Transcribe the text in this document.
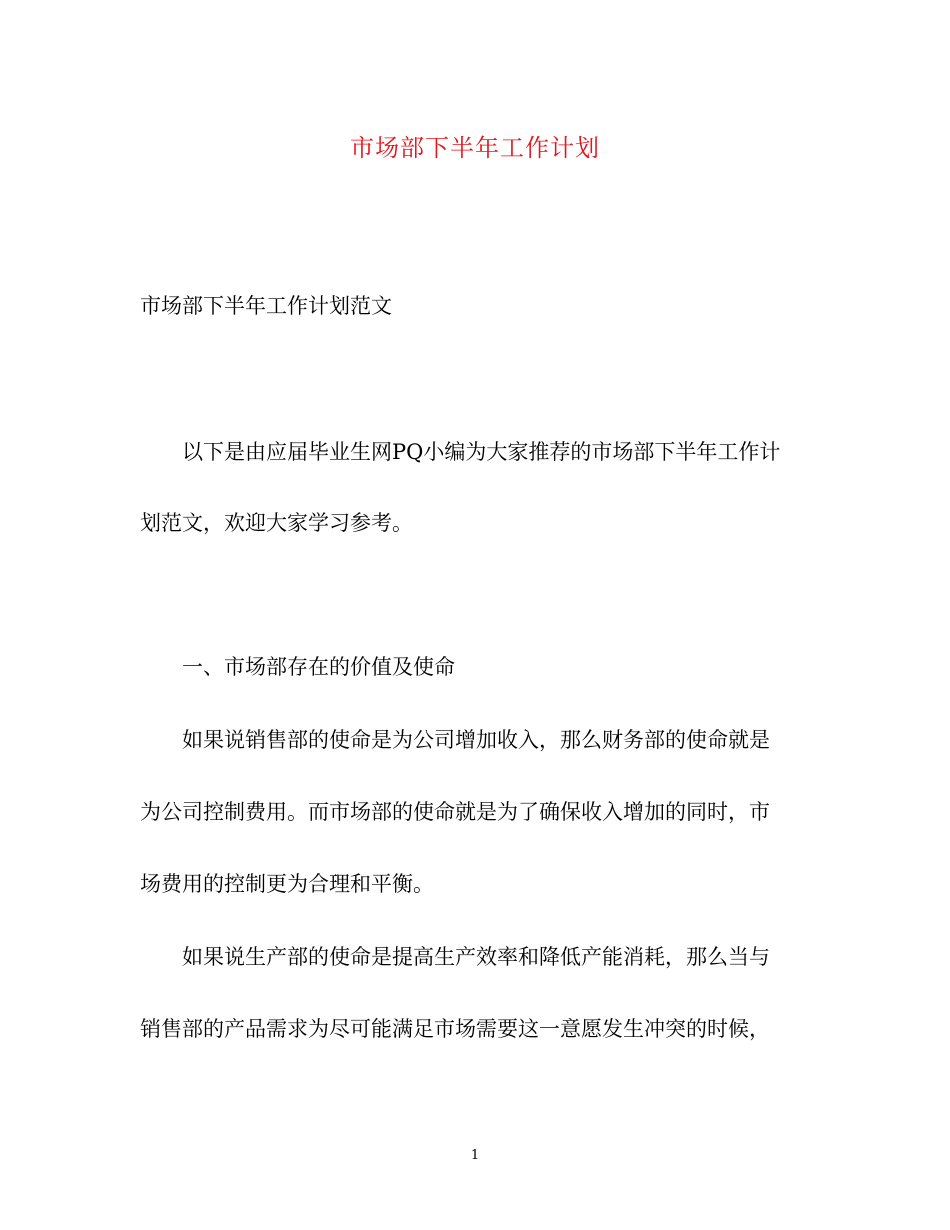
市场部下半年工作计划

市场部下半年工作计划范文

以下是由应届毕业生网PQ小编为大家推荐的市场部下半年工作计

划范文，欢迎大家学习参考。

一、市场部存在的价值及使命

如果说销售部的使命是为公司增加收入，那么财务部的使命就是

为公司控制费用。而市场部的使命就是为了确保收入增加的同时，市

场费用的控制更为合理和平衡。

如果说生产部的使命是提高生产效率和降低产能消耗，那么当与

销售部的产品需求为尽可能满足市场需要这一意愿发生冲突的时候，

1
